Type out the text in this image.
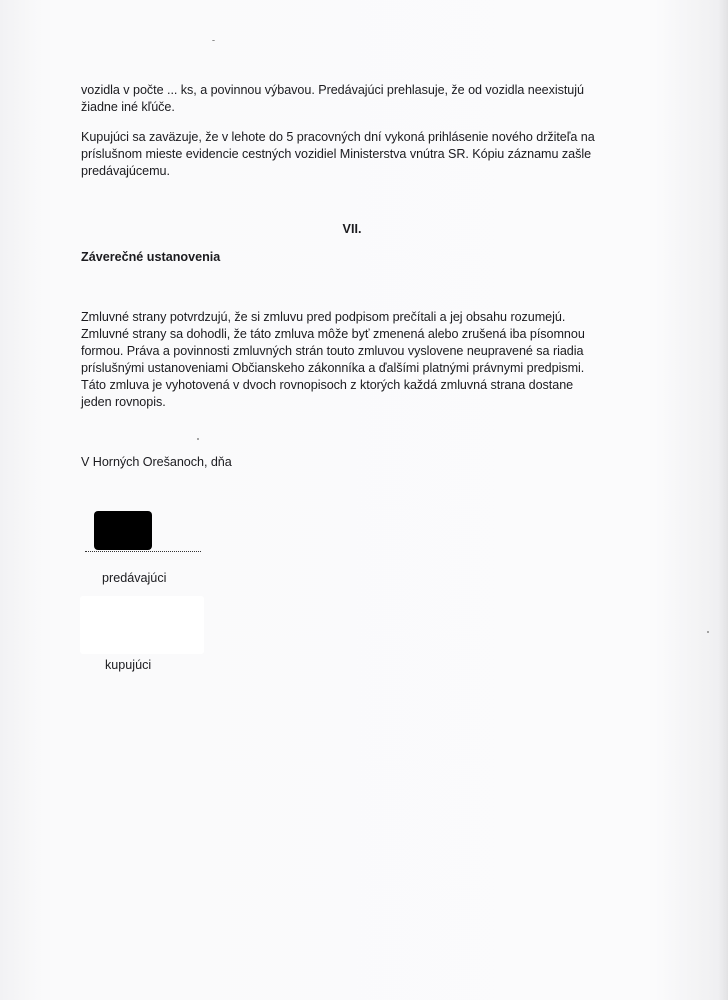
vozidla v počte ... ks, a povinnou výbavou. Predávajúci prehlasuje, že od vozidla neexistujú
žiadne iné kľúče.

Kupujúci sa zaväzuje, že v lehote do 5 pracovných dní vykoná prihlásenie nového držiteľa na
príslušnom mieste evidencie cestných vozidiel Ministerstva vnútra SR. Kópiu záznamu zašle
predávajúcemu.

VII.
Záverečné ustanovenia

Zmluvné strany potvrdzujú, že si zmluvu pred podpisom prečítali a jej obsahu rozumejú.
Zmluvné strany sa dohodli, že táto zmluva môže byť zmenená alebo zrušená iba písomnou
formou. Práva a povinnosti zmluvných strán touto zmluvou vyslovene neupravené sa riadia
príslušnými ustanoveniami Občianskeho zákonníka a ďalšími platnými právnymi predpismi.
Táto zmluva je vyhotovená v dvoch rovnopisoch z ktorých každá zmluvná strana dostane
jeden rovnopis.

V Horných Orešanoch, dňa

predávajúci

kupujúci
